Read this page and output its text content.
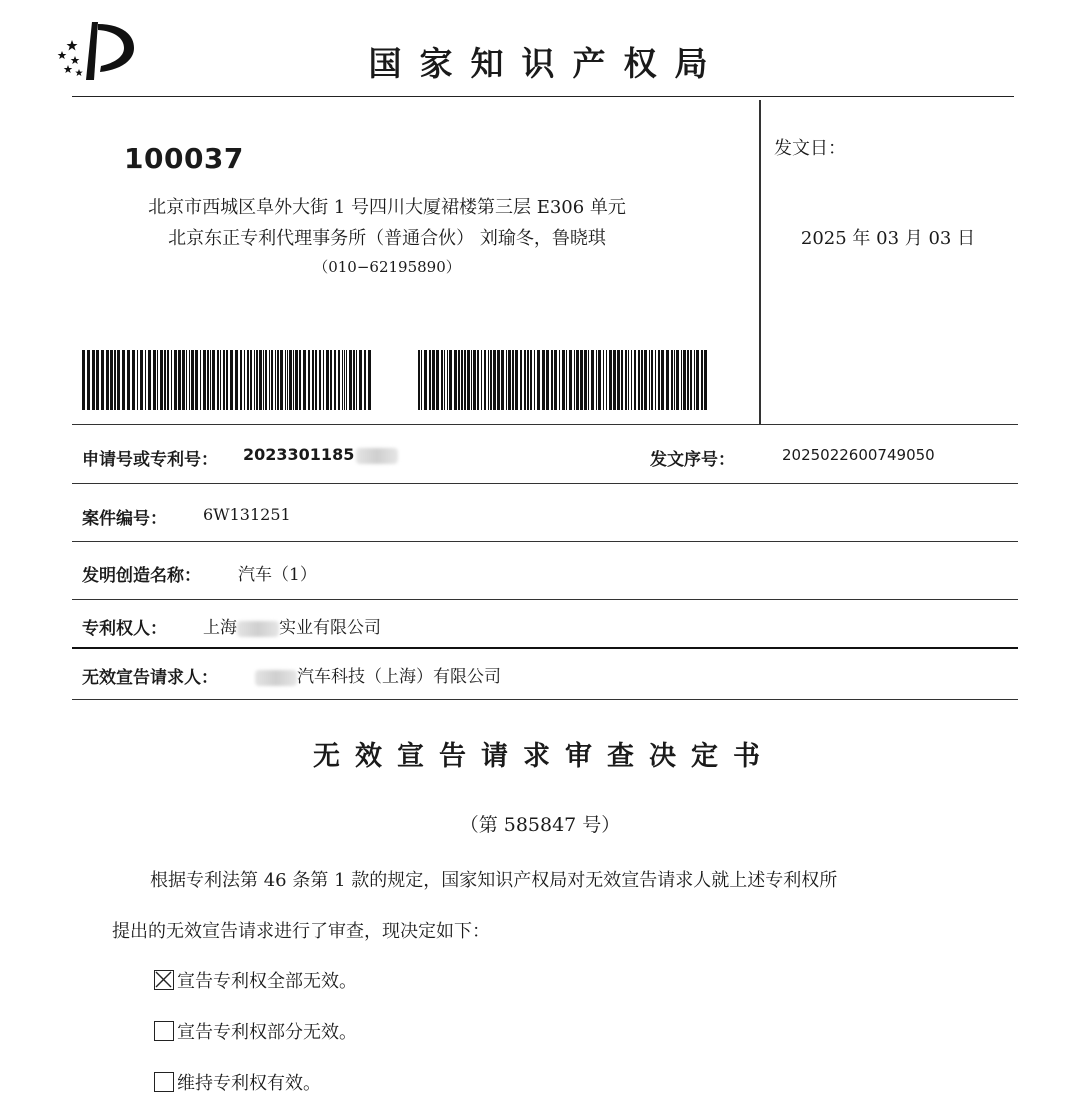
国家知识产权局
100037
北京市西城区阜外大街 1 号四川大厦裙楼第三层 E306 单元
北京东正专利代理事务所（普通合伙） 刘瑜冬，鲁晓琪
（010−62195890）
发文日：
2025 年 03 月 03 日
申请号或专利号： 2023301185	发文序号：	2025022600749050
案件编号： 6W131251
发明创造名称： 汽车（1）
专利权人： 上海 实业有限公司
无效宣告请求人：	汽车科技（上海）有限公司
无效宣告请求审查决定书
（第 585847 号）
根据专利法第 46 条第 1 款的规定，国家知识产权局对无效宣告请求人就上述专利权所
提出的无效宣告请求进行了审查，现决定如下：
宣告专利权全部无效。
宣告专利权部分无效。
维持专利权有效。
